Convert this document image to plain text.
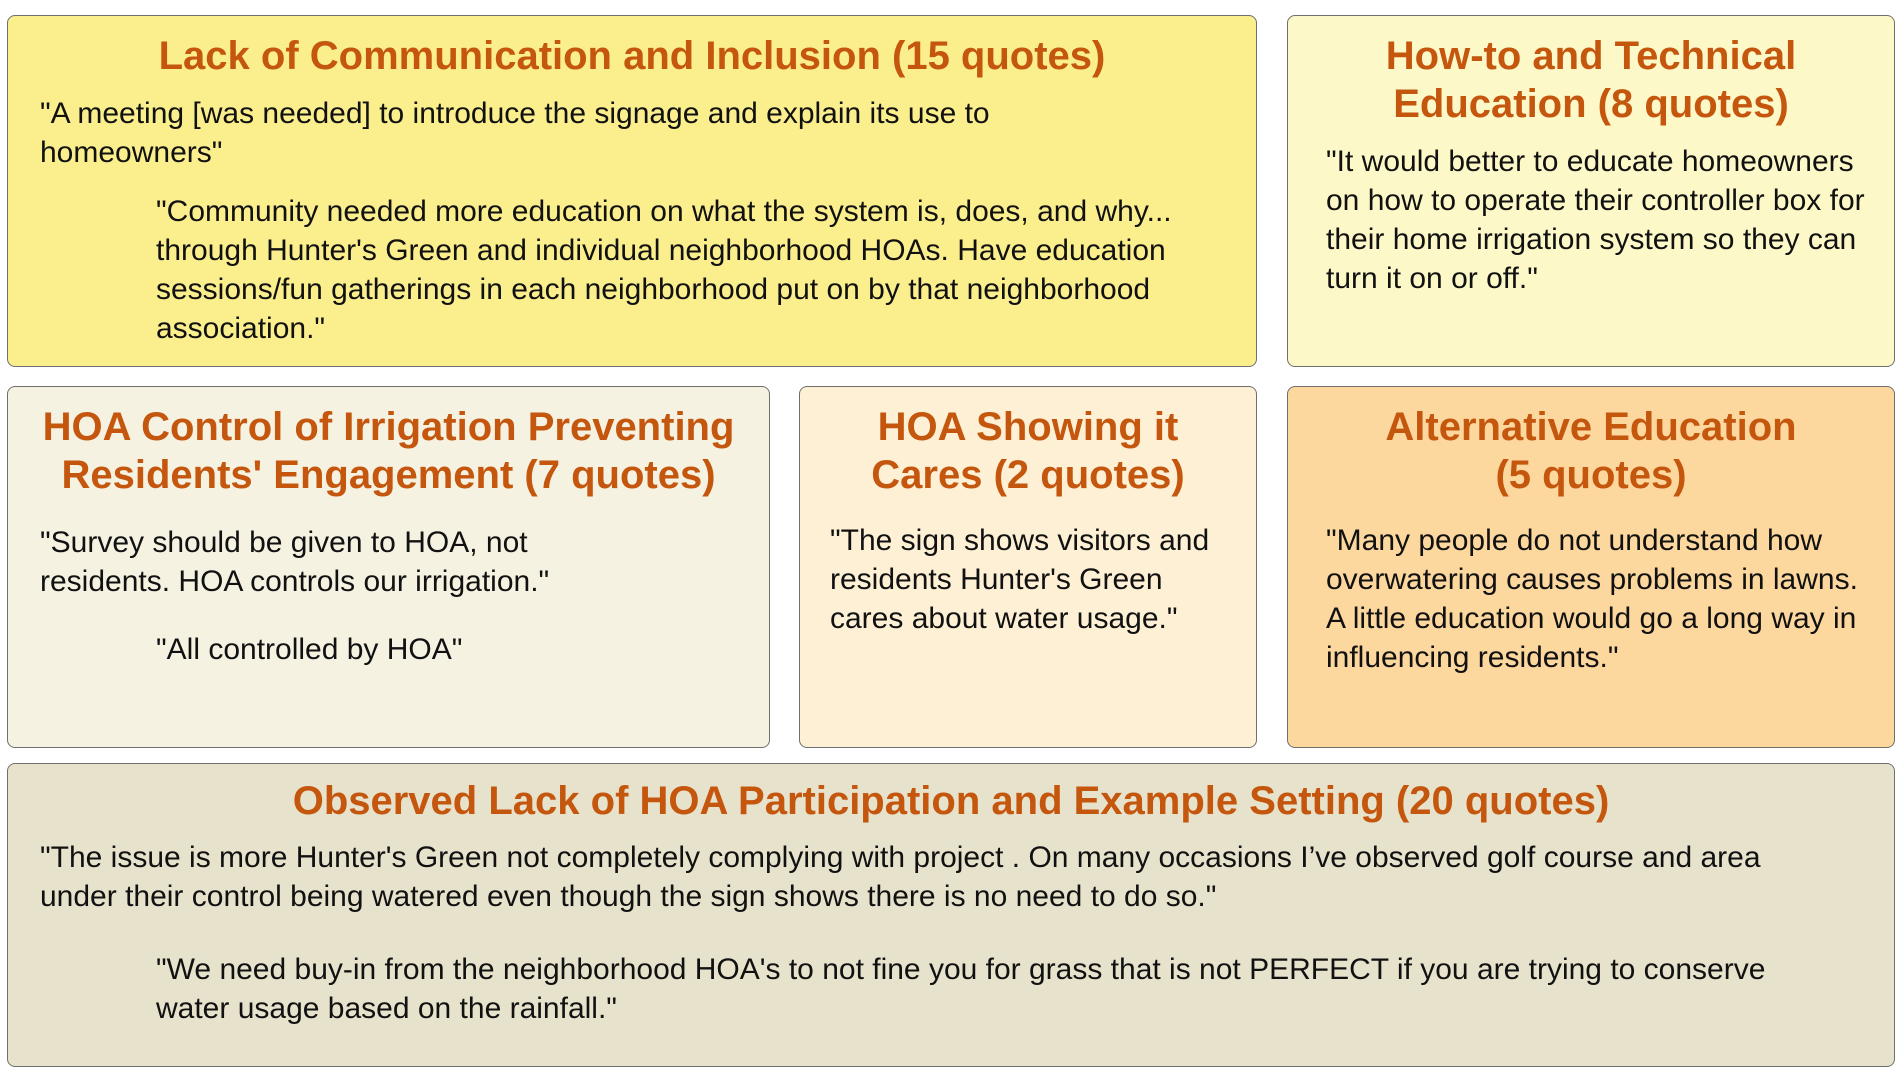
Lack of Communication and Inclusion (15 quotes)

"A meeting [was needed] to introduce the signage and explain its use to homeowners"

"Community needed more education on what the system is, does, and why... through Hunter's Green and individual neighborhood HOAs. Have education sessions/fun gatherings in each neighborhood put on by that neighborhood association."

How-to and Technical Education (8 quotes)

"It would better to educate homeowners on how to operate their controller box for their home irrigation system so they can turn it on or off."

HOA Control of Irrigation Preventing Residents' Engagement (7 quotes)

"Survey should be given to HOA, not residents. HOA controls our irrigation."

"All controlled by HOA"

HOA Showing it Cares (2 quotes)

"The sign shows visitors and residents Hunter's Green cares about water usage."

Alternative Education (5 quotes)

"Many people do not understand how overwatering causes problems in lawns. A little education would go a long way in influencing residents."

Observed Lack of HOA Participation and Example Setting (20 quotes)

"The issue is more Hunter's Green not completely complying with project . On many occasions I’ve observed golf course and area under their control being watered even though the sign shows there is no need to do so."

"We need buy-in from the neighborhood HOA's to not fine you for grass that is not PERFECT if you are trying to conserve water usage based on the rainfall."
